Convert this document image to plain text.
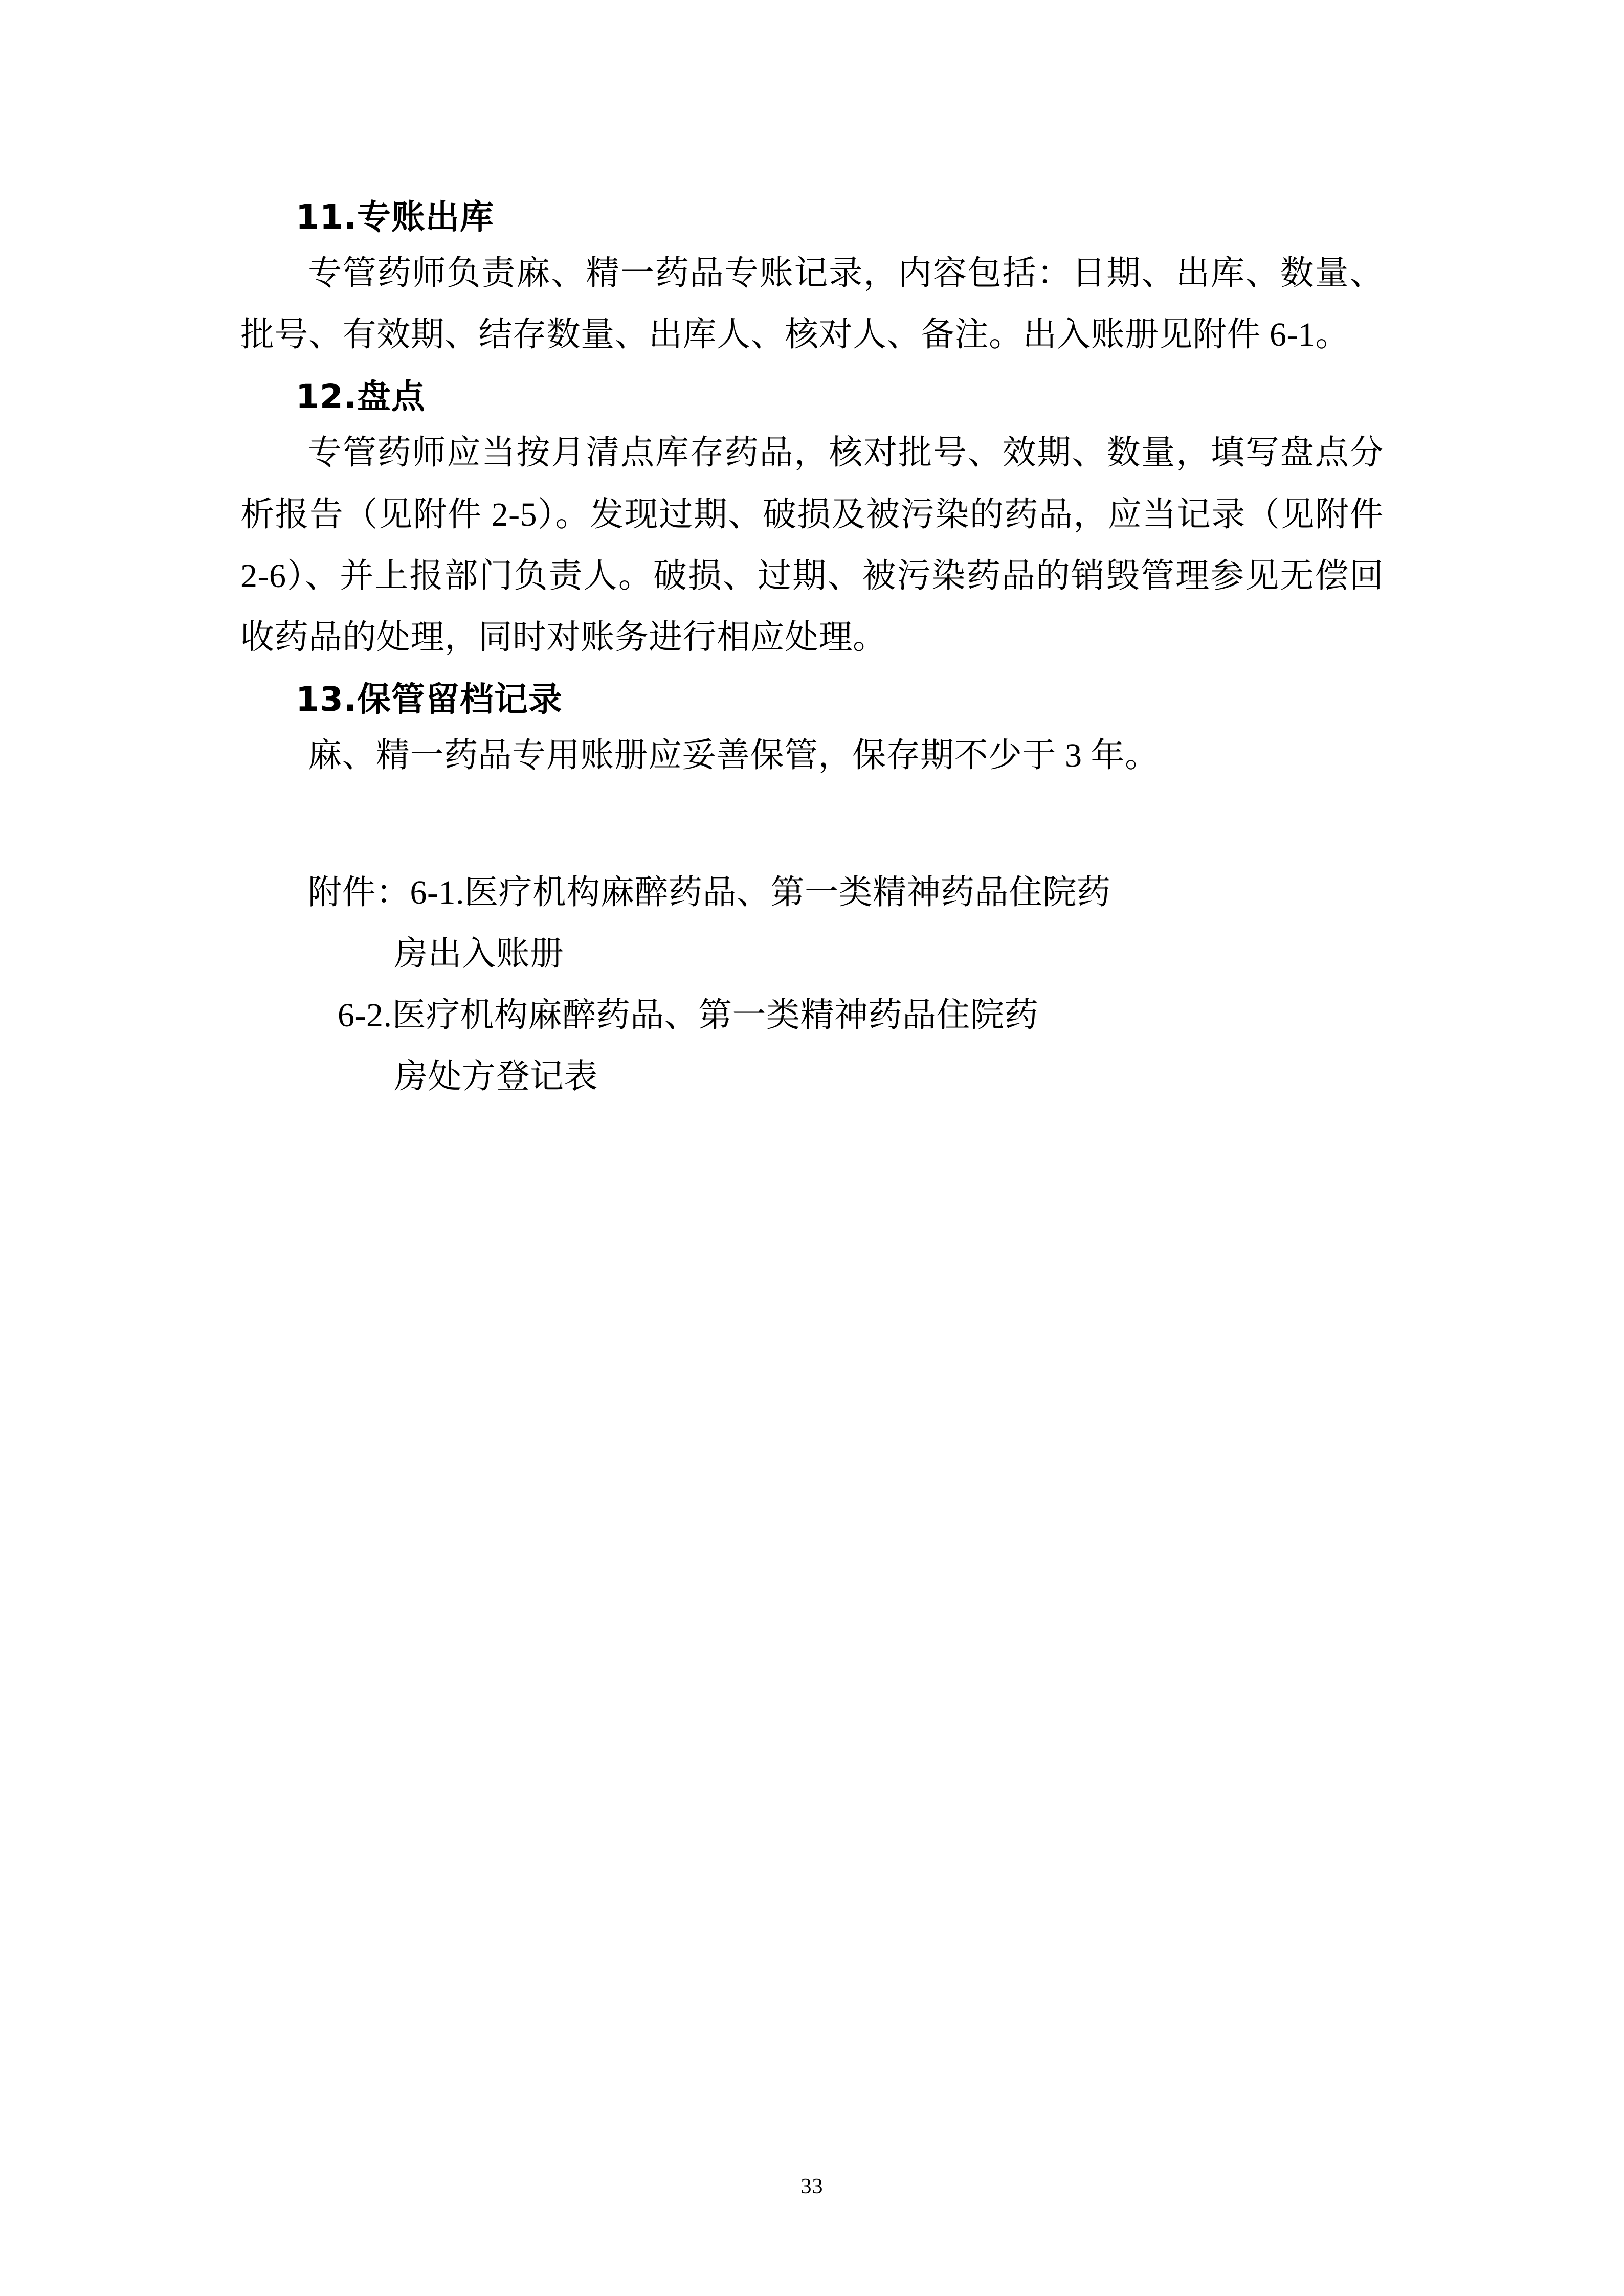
11.专账出库

专管药师负责麻、精一药品专账记录，内容包括：日期、出库、数量、批号、有效期、结存数量、出库人、核对人、备注。出入账册见附件 6-1。

12.盘点

专管药师应当按月清点库存药品，核对批号、效期、数量，填写盘点分析报告（见附件 2-5）。发现过期、破损及被污染的药品，应当记录（见附件 2-6）、并上报部门负责人。破损、过期、被污染药品的销毁管理参见无偿回收药品的处理，同时对账务进行相应处理。

13.保管留档记录

麻、精一药品专用账册应妥善保管，保存期不少于 3 年。

附件：6-1.医疗机构麻醉药品、第一类精神药品住院药
房出入账册
6-2.医疗机构麻醉药品、第一类精神药品住院药
房处方登记表
33
